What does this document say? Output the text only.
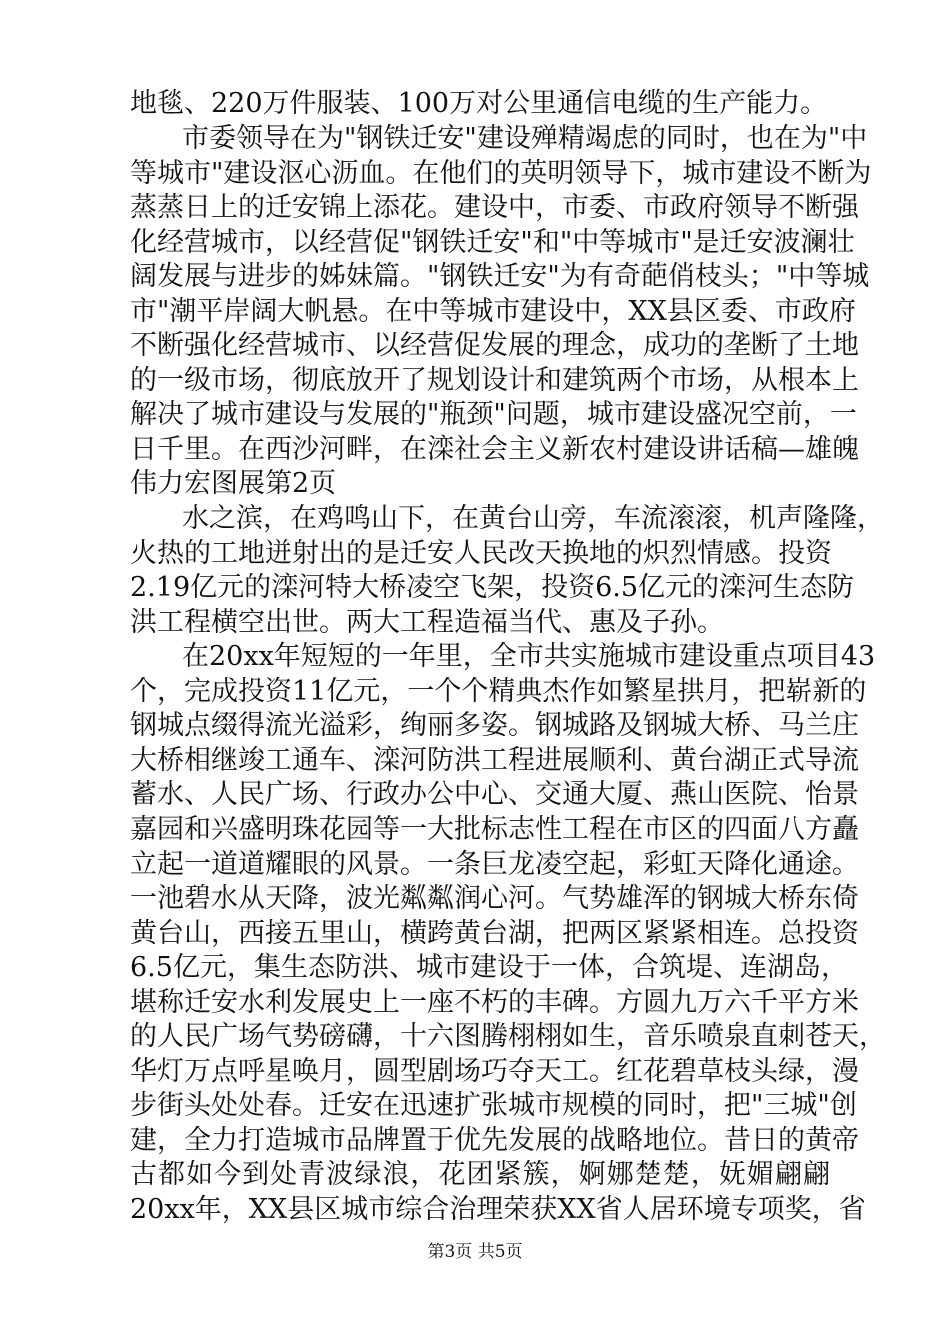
地毯、220万件服装、100万对公里通信电缆的生产能力。
市委领导在为"钢铁迁安"建设殚精竭虑的同时，也在为"中
等城市"建设沤心沥血。在他们的英明领导下，城市建设不断为
蒸蒸日上的迁安锦上添花。建设中，市委、市政府领导不断强
化经营城市，以经营促"钢铁迁安"和"中等城市"是迁安波澜壮
阔发展与进步的姊妹篇。"钢铁迁安"为有奇葩俏枝头；"中等城
市"潮平岸阔大帆悬。在中等城市建设中，XX县区委、市政府
不断强化经营城市、以经营促发展的理念，成功的垄断了土地
的一级市场，彻底放开了规划设计和建筑两个市场，从根本上
解决了城市建设与发展的"瓶颈"问题，城市建设盛况空前，一
日千里。在西沙河畔，在滦社会主义新农村建设讲话稿—雄魄
伟力宏图展第2页
水之滨，在鸡鸣山下，在黄台山旁，车流滚滚，机声隆隆，
火热的工地迸射出的是迁安人民改天换地的炽烈情感。投资
2.19亿元的滦河特大桥凌空飞架，投资6.5亿元的滦河生态防
洪工程横空出世。两大工程造福当代、惠及子孙。
在20xx年短短的一年里，全市共实施城市建设重点项目43
个，完成投资11亿元，一个个精典杰作如繁星拱月，把崭新的
钢城点缀得流光溢彩，绚丽多姿。钢城路及钢城大桥、马兰庄
大桥相继竣工通车、滦河防洪工程进展顺利、黄台湖正式导流
蓄水、人民广场、行政办公中心、交通大厦、燕山医院、怡景
嘉园和兴盛明珠花园等一大批标志性工程在市区的四面八方矗
立起一道道耀眼的风景。一条巨龙凌空起，彩虹天降化通途。
一池碧水从天降，波光粼粼润心河。气势雄浑的钢城大桥东倚
黄台山，西接五里山，横跨黄台湖，把两区紧紧相连。总投资
6.5亿元，集生态防洪、城市建设于一体，合筑堤、连湖岛，
堪称迁安水利发展史上一座不朽的丰碑。方圆九万六千平方米
的人民广场气势磅礴，十六图腾栩栩如生，音乐喷泉直刺苍天，
华灯万点呼星唤月，圆型剧场巧夺天工。红花碧草枝头绿，漫
步街头处处春。迁安在迅速扩张城市规模的同时，把"三城"创
建，全力打造城市品牌置于优先发展的战略地位。昔日的黄帝
古都如今到处青波绿浪，花团紧簇，婀娜楚楚，妩媚翩翩
20xx年，XX县区城市综合治理荣获XX省人居环境专项奖，省
第3页 共5页
